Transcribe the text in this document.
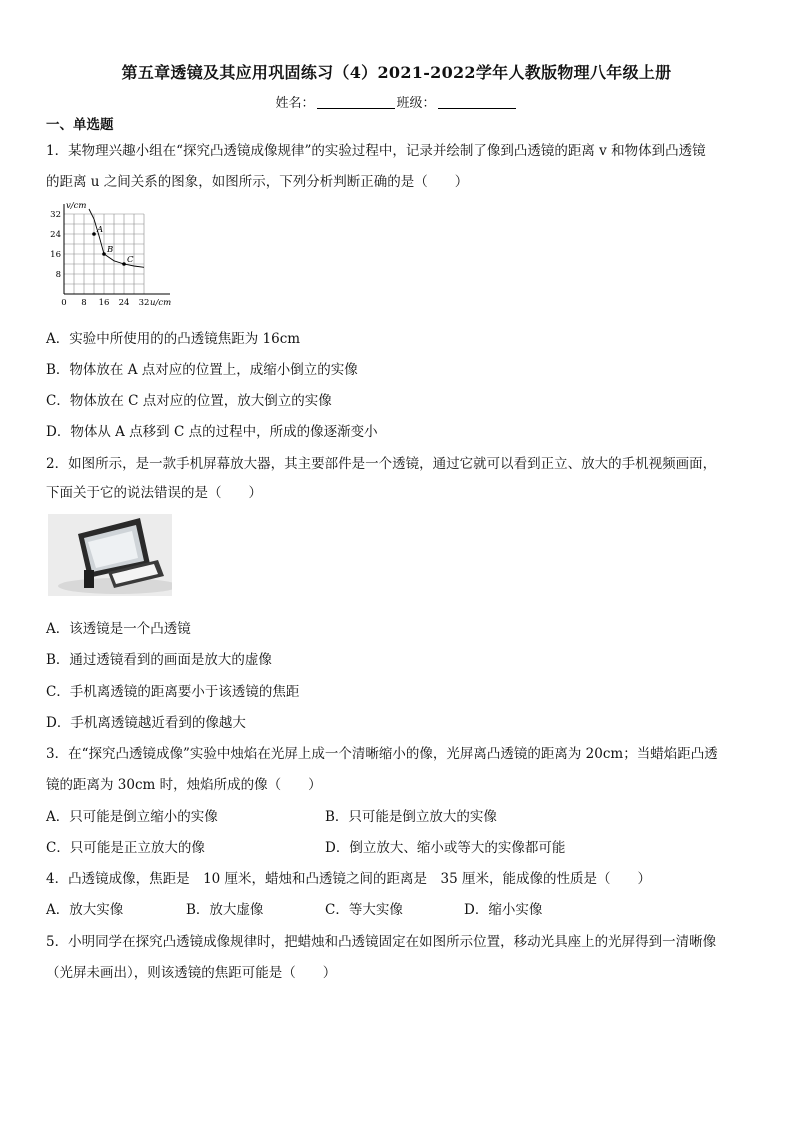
第五章透镜及其应用巩固练习（4）2021-2022学年人教版物理八年级上册
姓名：	班级：
一、单选题
1．某物理兴趣小组在“探究凸透镜成像规律”的实验过程中，记录并绘制了像到凸透镜的距离 v 和物体到凸透镜
的距离 u 之间关系的图象，如图所示，下列分析判断正确的是（　　）
v/cm
32
24
16
8
0 8 16 24 32 u/cm
A
B
C
A．实验中所使用的的凸透镜焦距为 16cm
B．物体放在 A 点对应的位置上，成缩小倒立的实像
C．物体放在 C 点对应的位置，放大倒立的实像
D．物体从 A 点移到 C 点的过程中，所成的像逐渐变小
2．如图所示，是一款手机屏幕放大器，其主要部件是一个透镜，通过它就可以看到正立、放大的手机视频画面，
下面关于它的说法错误的是（　　）
A．该透镜是一个凸透镜
B．通过透镜看到的画面是放大的虚像
C．手机离透镜的距离要小于该透镜的焦距
D．手机离透镜越近看到的像越大
3．在“探究凸透镜成像”实验中烛焰在光屏上成一个清晰缩小的像，光屏离凸透镜的距离为 20cm；当蜡焰距凸透
镜的距离为 30cm 时，烛焰所成的像（　　）
A．只可能是倒立缩小的实像	B．只可能是倒立放大的实像
C．只可能是正立放大的像	D．倒立放大、缩小或等大的实像都可能
4．凸透镜成像，焦距是　10 厘米，蜡烛和凸透镜之间的距离是　35 厘米，能成像的性质是（　　）
A．放大实像	B．放大虚像	C．等大实像	D．缩小实像
5．小明同学在探究凸透镜成像规律时，把蜡烛和凸透镜固定在如图所示位置，移动光具座上的光屏得到一清晰像
（光屏未画出），则该透镜的焦距可能是（　　）
